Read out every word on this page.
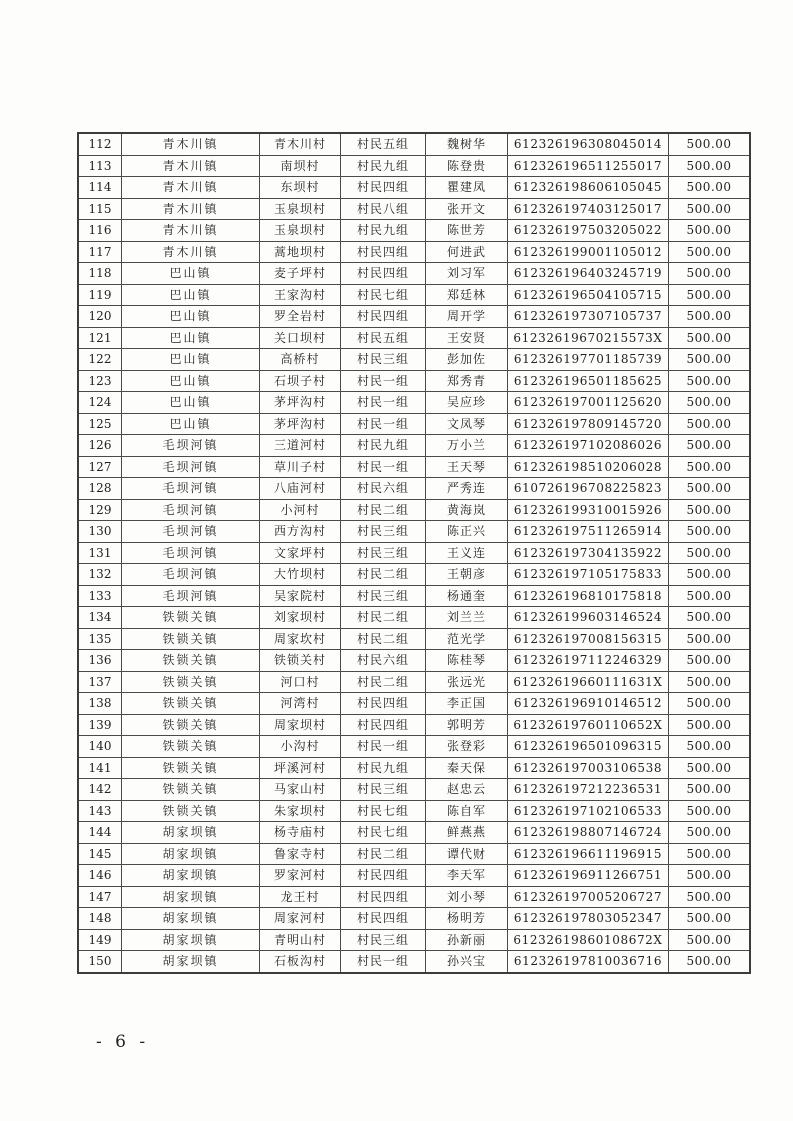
112	青木川镇	青木川村	村民五组	魏树华	612326196308045014	500.00
113	青木川镇	南坝村	村民九组	陈登贵	612326196511255017	500.00
114	青木川镇	东坝村	村民四组	瞿建凤	612326198606105045	500.00
115	青木川镇	玉泉坝村	村民八组	张开文	612326197403125017	500.00
116	青木川镇	玉泉坝村	村民九组	陈世芳	612326197503205022	500.00
117	青木川镇	蒿地坝村	村民四组	何进武	612326199001105012	500.00
118	巴山镇	麦子坪村	村民四组	刘习军	612326196403245719	500.00
119	巴山镇	王家沟村	村民七组	郑廷林	612326196504105715	500.00
120	巴山镇	罗全岩村	村民四组	周开学	612326197307105737	500.00
121	巴山镇	关口坝村	村民五组	王安贤	61232619670215573X	500.00
122	巴山镇	高桥村	村民三组	彭加佐	612326197701185739	500.00
123	巴山镇	石坝子村	村民一组	郑秀青	612326196501185625	500.00
124	巴山镇	茅坪沟村	村民一组	吴应珍	612326197001125620	500.00
125	巴山镇	茅坪沟村	村民一组	文凤琴	612326197809145720	500.00
126	毛坝河镇	三道河村	村民九组	万小兰	612326197102086026	500.00
127	毛坝河镇	草川子村	村民一组	王天琴	612326198510206028	500.00
128	毛坝河镇	八庙河村	村民六组	严秀连	610726196708225823	500.00
129	毛坝河镇	小河村	村民二组	黄海岚	612326199310015926	500.00
130	毛坝河镇	西方沟村	村民三组	陈正兴	612326197511265914	500.00
131	毛坝河镇	文家坪村	村民三组	王义连	612326197304135922	500.00
132	毛坝河镇	大竹坝村	村民二组	王朝彦	612326197105175833	500.00
133	毛坝河镇	吴家院村	村民三组	杨通奎	612326196810175818	500.00
134	铁锁关镇	刘家坝村	村民二组	刘兰兰	612326199603146524	500.00
135	铁锁关镇	周家坎村	村民二组	范光学	612326197008156315	500.00
136	铁锁关镇	铁锁关村	村民六组	陈桂琴	612326197112246329	500.00
137	铁锁关镇	河口村	村民二组	张远光	61232619660111631X	500.00
138	铁锁关镇	河湾村	村民四组	李正国	612326196910146512	500.00
139	铁锁关镇	周家坝村	村民四组	郭明芳	61232619760110652X	500.00
140	铁锁关镇	小沟村	村民一组	张登彩	612326196501096315	500.00
141	铁锁关镇	坪溪河村	村民九组	秦天保	612326197003106538	500.00
142	铁锁关镇	马家山村	村民三组	赵忠云	612326197212236531	500.00
143	铁锁关镇	朱家坝村	村民七组	陈自军	612326197102106533	500.00
144	胡家坝镇	杨寺庙村	村民七组	鲜燕燕	612326198807146724	500.00
145	胡家坝镇	鲁家寺村	村民二组	谭代财	612326196611196915	500.00
146	胡家坝镇	罗家河村	村民四组	李天军	612326196911266751	500.00
147	胡家坝镇	龙王村	村民四组	刘小琴	612326197005206727	500.00
148	胡家坝镇	周家河村	村民四组	杨明芳	612326197803052347	500.00
149	胡家坝镇	青明山村	村民三组	孙新丽	61232619860108672X	500.00
150	胡家坝镇	石板沟村	村民一组	孙兴宝	612326197810036716	500.00
- 6 -
